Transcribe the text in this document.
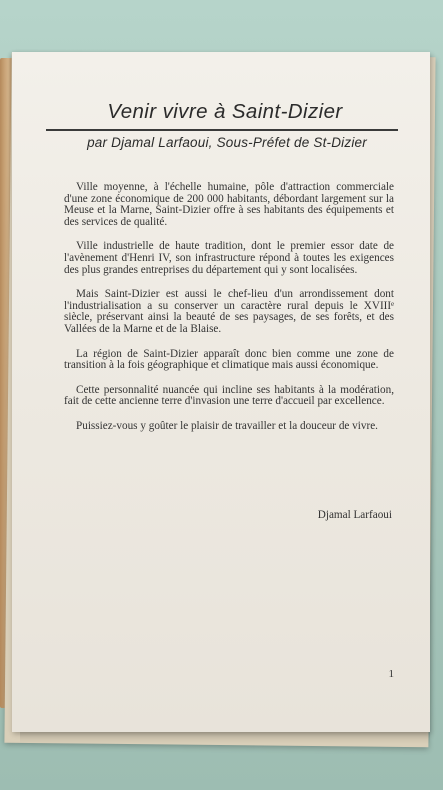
Venir vivre à Saint-Dizier
par Djamal Larfaoui, Sous-Préfet de St-Dizier

Ville moyenne, à l'échelle humaine, pôle d'attraction commerciale d'une zone économique de 200 000 habitants, débordant largement sur la Meuse et la Marne, Saint-Dizier offre à ses habitants des équipements et des services de qualité.

Ville industrielle de haute tradition, dont le premier essor date de l'avènement d'Henri IV, son infrastructure répond à toutes les exigences des plus grandes entreprises du département qui y sont localisées.

Mais Saint-Dizier est aussi le chef-lieu d'un arrondissement dont l'industrialisation a su conserver un caractère rural depuis le XVIIIᵉ siècle, préservant ainsi la beauté de ses paysages, de ses forêts, et des Vallées de la Marne et de la Blaise.

La région de Saint-Dizier apparaît donc bien comme une zone de transition à la fois géographique et climatique mais aussi économique.

Cette personnalité nuancée qui incline ses habitants à la modération, fait de cette ancienne terre d'invasion une terre d'accueil par excellence.

Puissiez-vous y goûter le plaisir de travailler et la douceur de vivre.

Djamal Larfaoui
1
